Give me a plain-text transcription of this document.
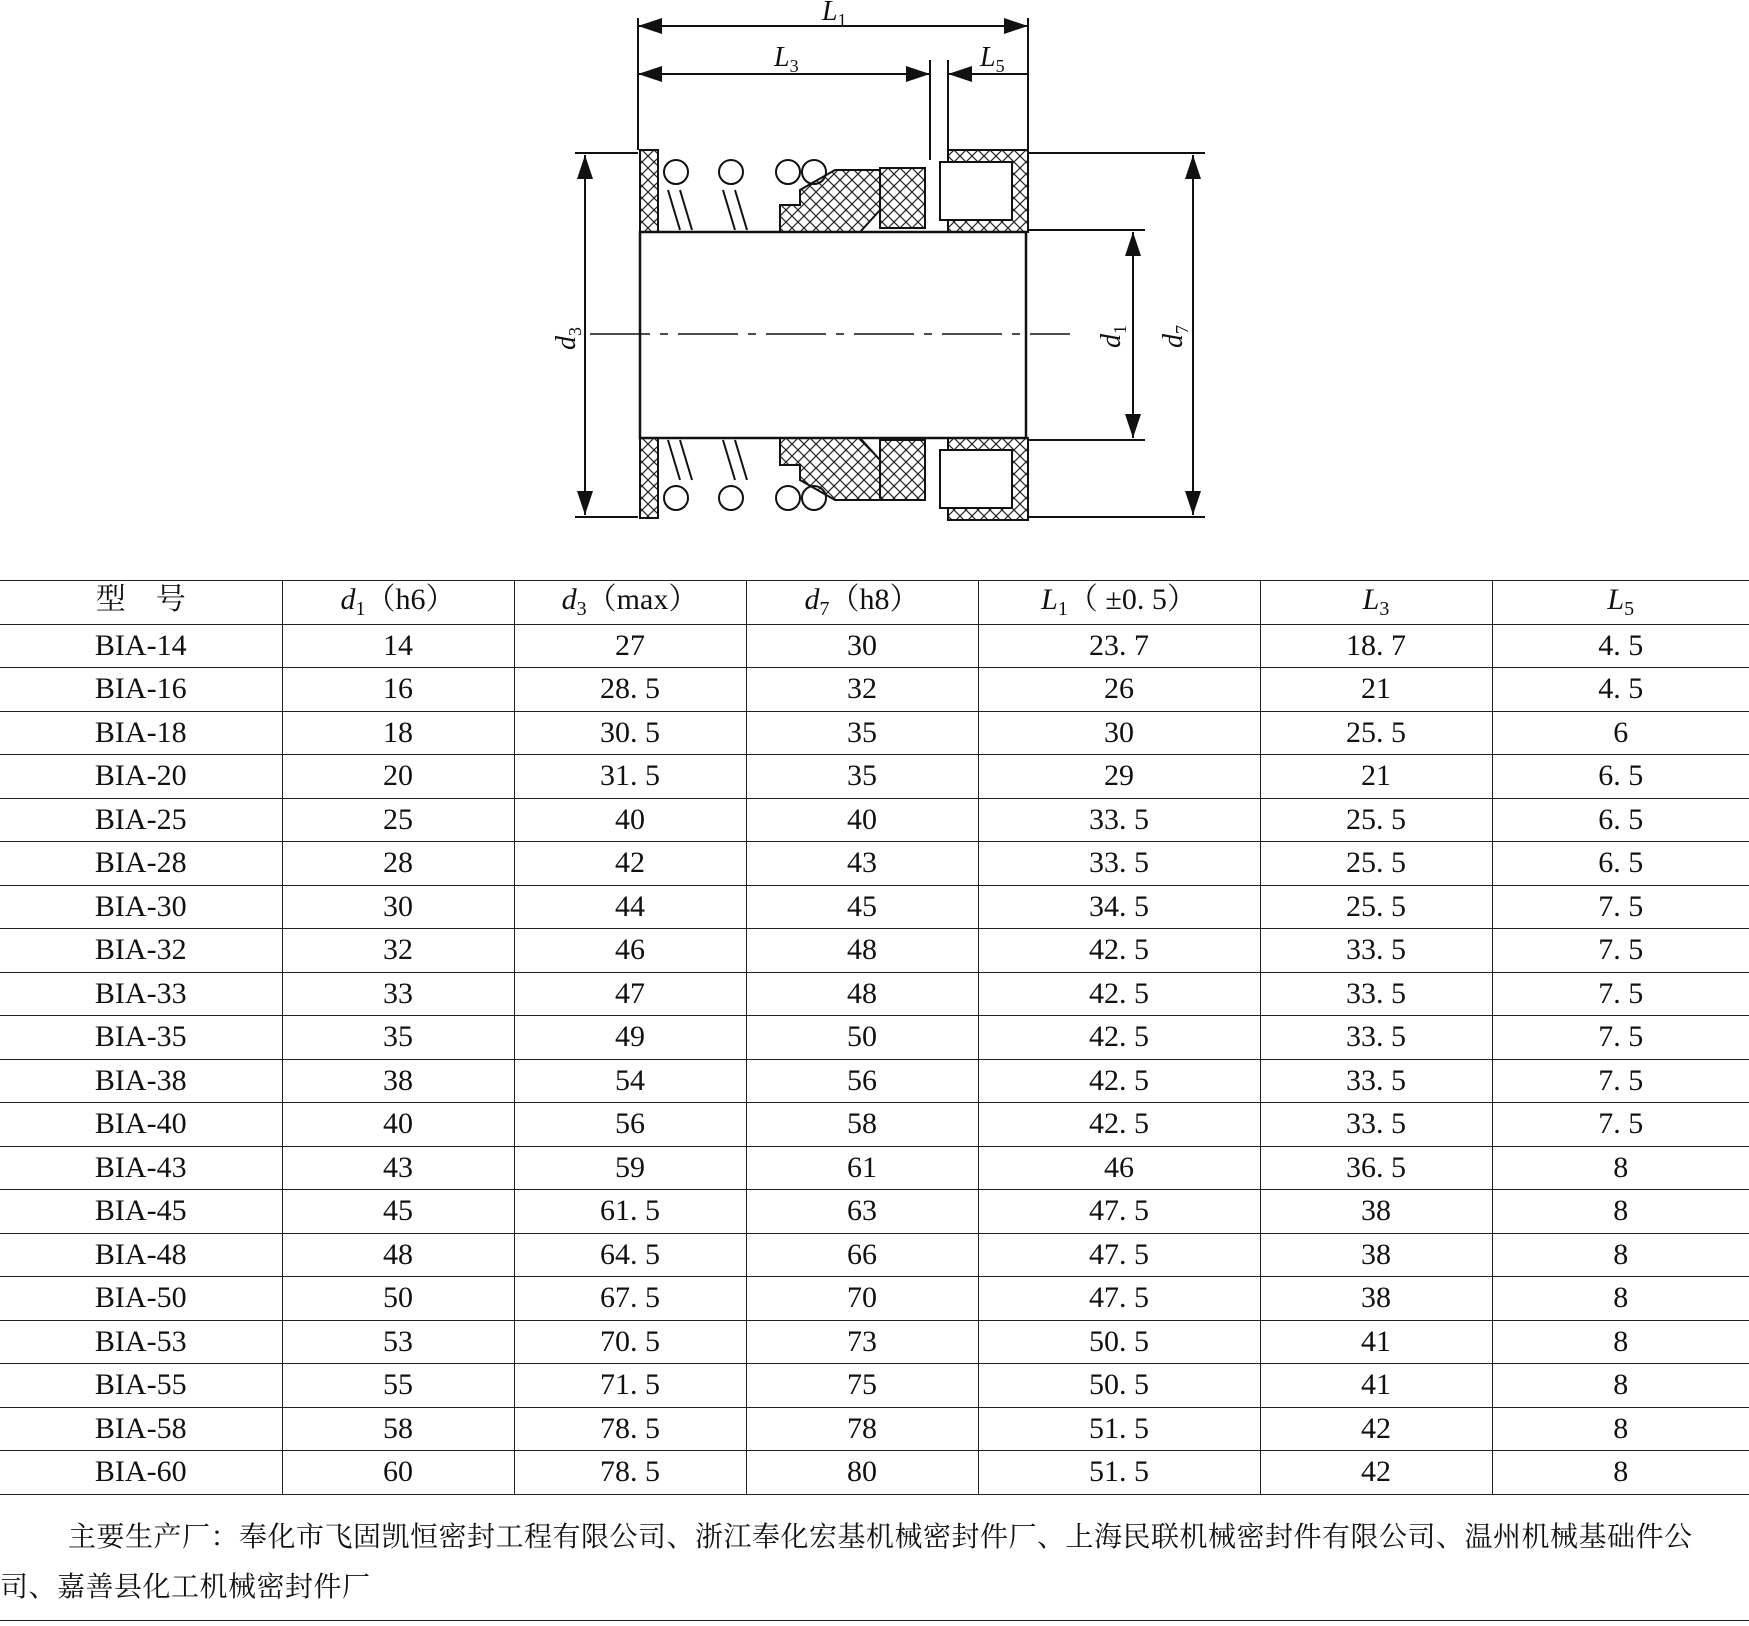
$L_1$
$L_3$	$L_5$
$d_3$
$d_1$
$d_7$
型　号	$d_1(h6)$	$d_3(\max)$	$d_7(h8)$	$L_1( \pm 0$. 5）	$L_3$	$L_5$
BIA-14	14	27	30	23. 7	18. 7	4. 5
BIA-16	16	28. 5	32	26	21	4. 5
BIA-18	18	30. 5	35	30	25. 5	6
BIA-20	20	31. 5	35	29	21	6. 5
BIA-25	25	40	40	33. 5	25. 5	6. 5
BIA-28	28	42	43	33. 5	25. 5	6. 5
BIA-30	30	44	45	34. 5	25. 5	7. 5
BIA-32	32	46	48	42. 5	33. 5	7. 5
BIA-33	33	47	48	42. 5	33. 5	7. 5
BIA-35	35	49	50	42. 5	33. 5	7. 5
BIA-38	38	54	56	42. 5	33. 5	7. 5
BIA-40	40	56	58	42. 5	33. 5	7. 5
BIA-43	43	59	61	46	36. 5	8
BIA-45	45	61. 5	63	47. 5	38	8
BIA-48	48	64. 5	66	47. 5	38	8
BIA-50	50	67. 5	70	47. 5	38	8
BIA-53	53	70. 5	73	50. 5	41	8
BIA-55	55	71. 5	75	50. 5	41	8
BIA-58	58	78. 5	78	51. 5	42	8
BIA-60	60	78. 5	80	51. 5	42	8
主要生产厂：奉化市飞固凯恒密封工程有限公司、浙江奉化宏基机械密封件厂、上海民联机械密封件有限公司、温州机械基础件公司、嘉善县化工机械密封件厂
